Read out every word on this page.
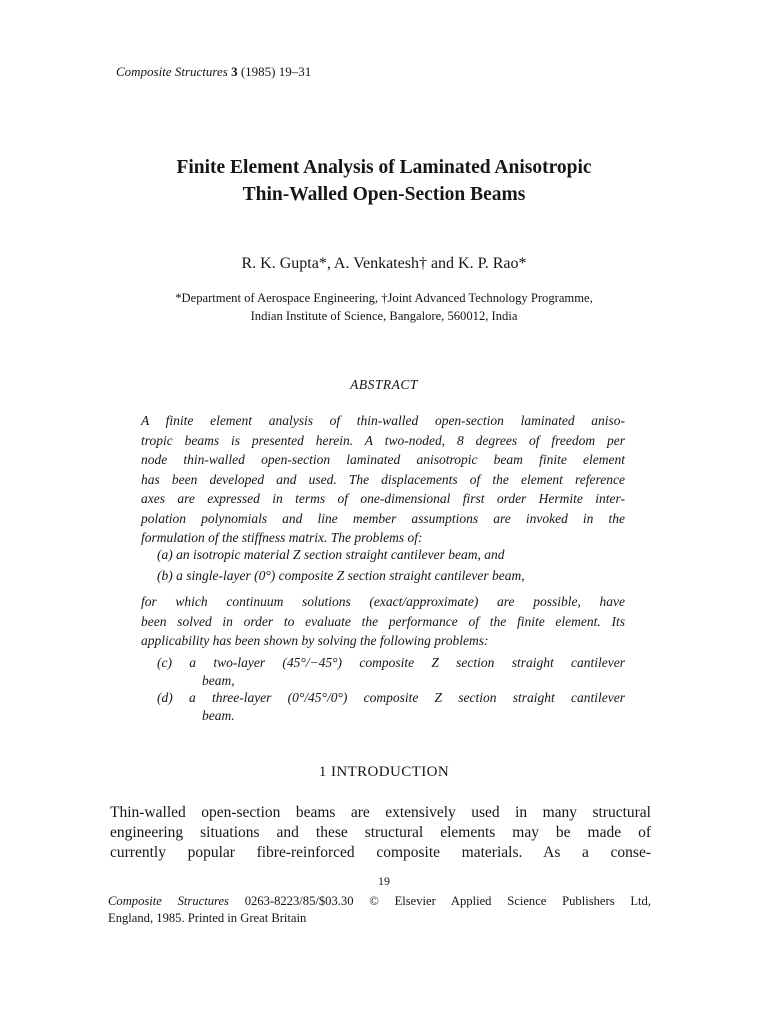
Composite Structures 3 (1985) 19–31
Finite Element Analysis of Laminated Anisotropic
Thin-Walled Open-Section Beams
R. K. Gupta*, A. Venkatesh† and K. P. Rao*
*Department of Aerospace Engineering, †Joint Advanced Technology Programme,
Indian Institute of Science, Bangalore, 560012, India
ABSTRACT
A finite element analysis of thin-walled open-section laminated aniso-
tropic beams is presented herein. A two-noded, 8 degrees of freedom per
node thin-walled open-section laminated anisotropic beam finite element
has been developed and used. The displacements of the element reference
axes are expressed in terms of one-dimensional first order Hermite inter-
polation polynomials and line member assumptions are invoked in the
formulation of the stiffness matrix. The problems of:
(a) an isotropic material Z section straight cantilever beam, and
(b) a single-layer (0°) composite Z section straight cantilever beam,
for which continuum solutions (exact/approximate) are possible, have
been solved in order to evaluate the performance of the finite element. Its
applicability has been shown by solving the following problems:
(c) a two-layer (45°/−45°) composite Z section straight cantilever
beam,
(d) a three-layer (0°/45°/0°) composite Z section straight cantilever
beam.
1 INTRODUCTION
Thin-walled open-section beams are extensively used in many structural
engineering situations and these structural elements may be made of
currently popular fibre-reinforced composite materials. As a conse-
19
Composite Structures 0263-8223/85/$03.30 © Elsevier Applied Science Publishers Ltd,
England, 1985. Printed in Great Britain
